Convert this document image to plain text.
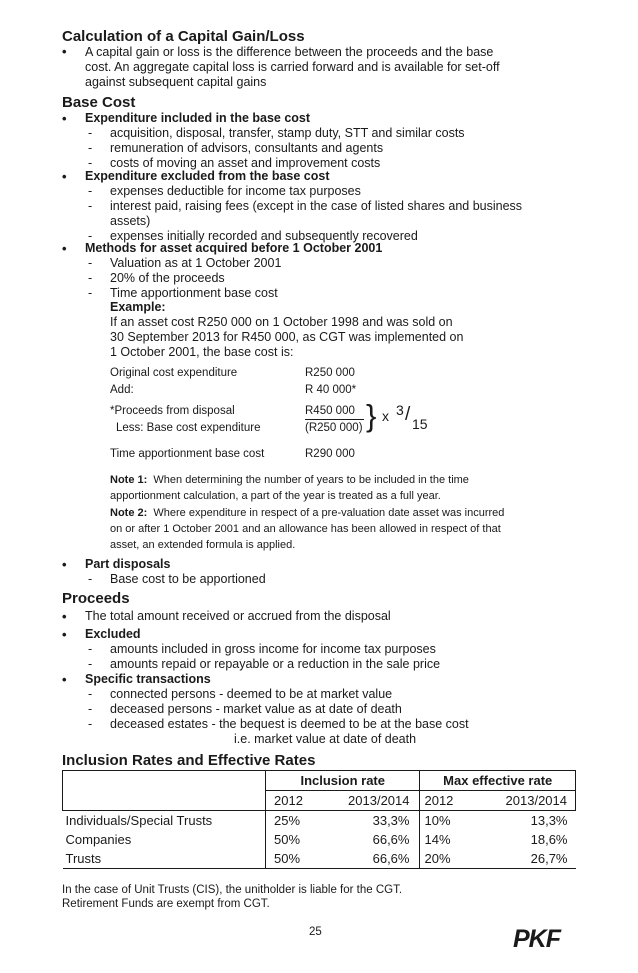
Calculation of a Capital Gain/Loss
• A capital gain or loss is the difference between the proceeds and the base
cost. An aggregate capital loss is carried forward and is available for set-off
against subsequent capital gains
Base Cost
• Expenditure included in the base cost
- acquisition, disposal, transfer, stamp duty, STT and similar costs
- remuneration of advisors, consultants and agents
- costs of moving an asset and improvement costs
• Expenditure excluded from the base cost
- expenses deductible for income tax purposes
- interest paid, raising fees (except in the case of listed shares and business
assets)
- expenses initially recorded and subsequently recovered
• Methods for asset acquired before 1 October 2001
- Valuation as at 1 October 2001
- 20% of the proceeds
- Time apportionment base cost
Example:
If an asset cost R250 000 on 1 October 1998 and was sold on
30 September 2013 for R450 000, as CGT was implemented on
1 October 2001, the base cost is:
Original cost expenditure	R250 000
Add:	R 40 000*
*Proceeds from disposal	R450 000
Less: Base cost expenditure	(R250 000) } x 3 / 15
Time apportionment base cost	R290 000
Note 1: When determining the number of years to be included in the time
apportionment calculation, a part of the year is treated as a full year.
Note 2: Where expenditure in respect of a pre-valuation date asset was incurred
on or after 1 October 2001 and an allowance has been allowed in respect of that
asset, an extended formula is applied.
• Part disposals
- Base cost to be apportioned
Proceeds
• The total amount received or accrued from the disposal
• Excluded
- amounts included in gross income for income tax purposes
- amounts repaid or repayable or a reduction in the sale price
• Specific transactions
- connected persons - deemed to be at market value
- deceased persons - market value as at date of death
- deceased estates - the bequest is deemed to be at the base cost
i.e. market value at date of death
Inclusion Rates and Effective Rates
	Inclusion rate		Max effective rate	
	2012	2013/2014	2012	2013/2014
Individuals/Special Trusts	25%	33,3%	10%	13,3%
Companies	50%	66,6%	14%	18,6%
Trusts	50%	66,6%	20%	26,7%
In the case of Unit Trusts (CIS), the unitholder is liable for the CGT.
Retirement Funds are exempt from CGT.
25	PKF
